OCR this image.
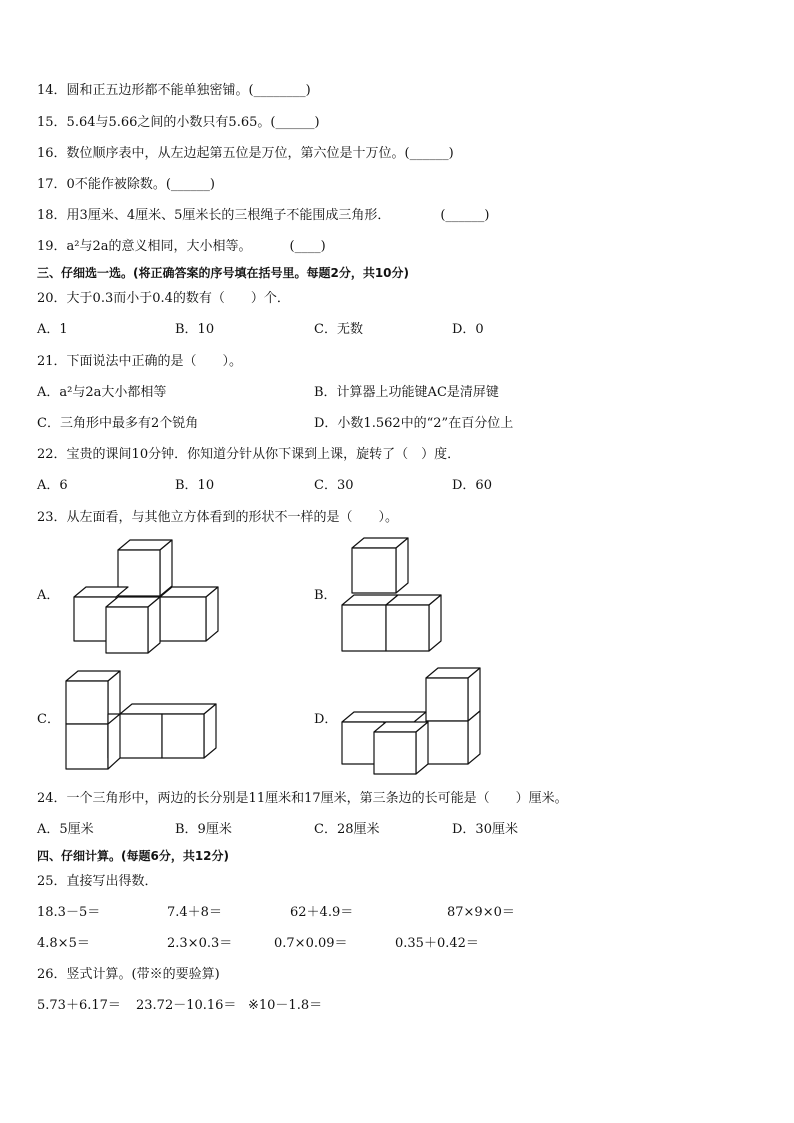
14．圆和正五边形都不能单独密铺。(________)
15．5.64与5.66之间的小数只有5.65。(______)
16．数位顺序表中，从左边起第五位是万位，第六位是十万位。(______)
17．0不能作被除数。(______)
18．用3厘米、4厘米、5厘米长的三根绳子不能围成三角形．	(______)
19．a²与2a的意义相同，大小相等。	(____)
三、仔细选一选。(将正确答案的序号填在括号里。每题2分，共10分)
20．大于0.3而小于0.4的数有（　　）个．
A．1	B．10	C．无数	D．0
21．下面说法中正确的是（　　）。
A．a²与2a大小都相等	B．计算器上功能键AC是清屏键
C．三角形中最多有2个锐角	D．小数1.562中的“2”在百分位上
22．宝贵的课间10分钟．你知道分针从你下课到上课，旋转了（　）度．
A．6	B．10	C．30	D．60
23．从左面看，与其他立方体看到的形状不一样的是（　　）。
A．	B．
C．	D．
24．一个三角形中，两边的长分别是11厘米和17厘米，第三条边的长可能是（　　）厘米。
A．5厘米	B．9厘米	C．28厘米	D．30厘米
四、仔细计算。(每题6分，共12分)
25．直接写出得数．
18.3－5＝	7.4＋8＝	62＋4.9＝	87×9×0＝
4.8×5＝	2.3×0.3＝	0.7×0.09＝	0.35＋0.42＝
26．竖式计算。(带※的要验算)
5.73＋6.17＝ 23.72－10.16＝ ※10－1.8＝
